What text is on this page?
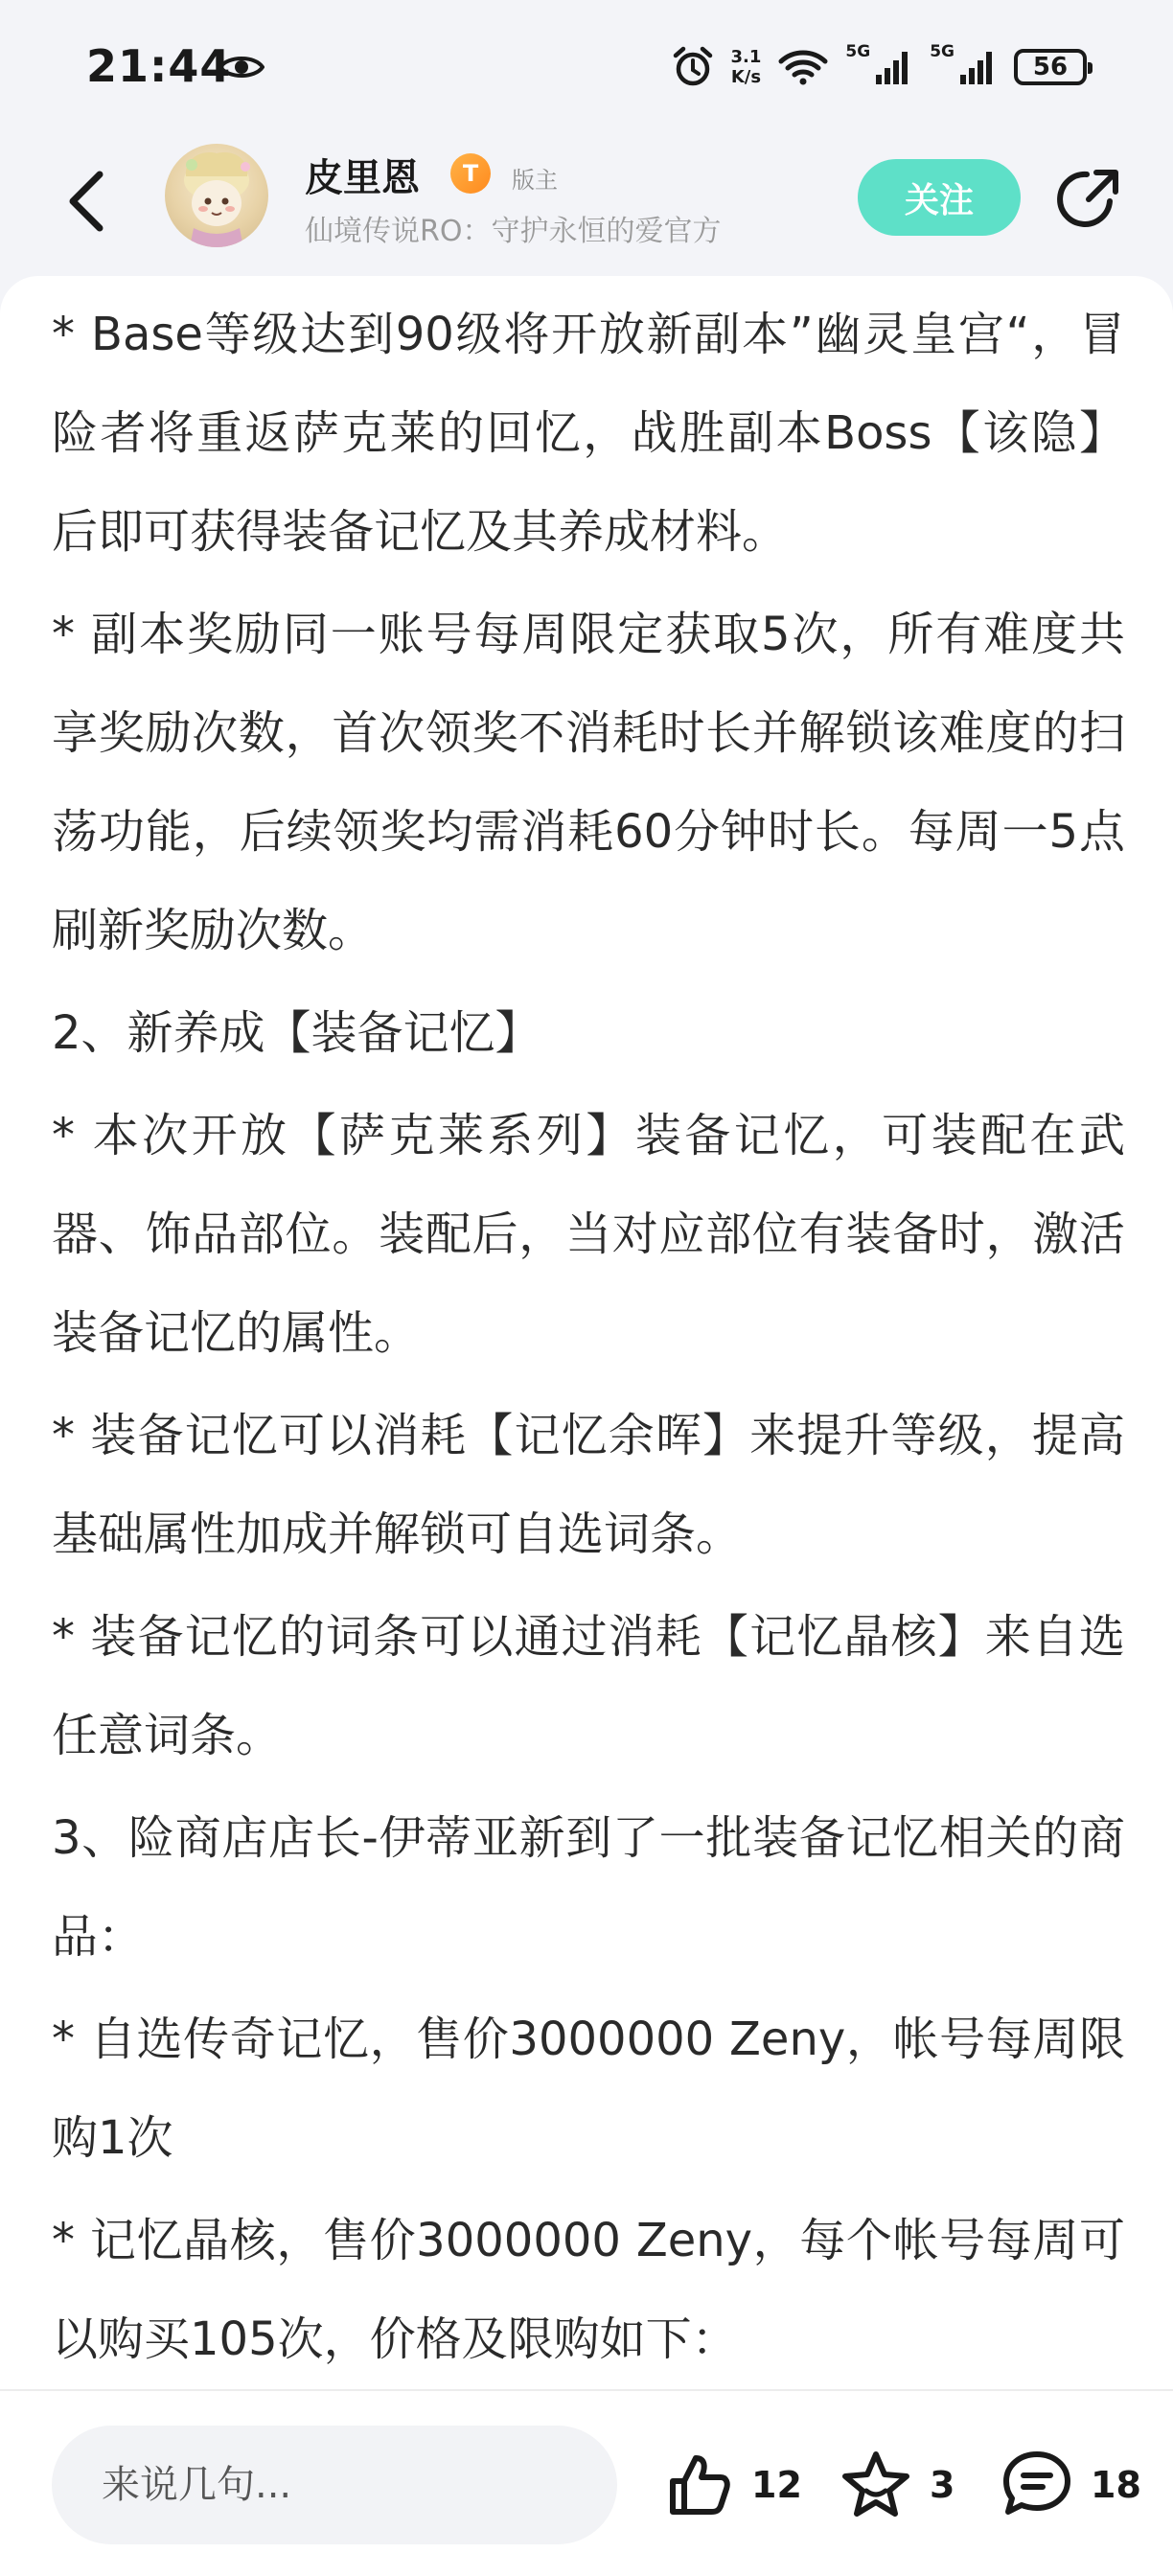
21:44	3.1
K/s
5G	5G
56
皮里恩	T	版主
仙境传说RO：守护永恒的爱官方
关注

* Base等级达到90级将开放新副本”幽灵皇宫“，冒险者将重返萨克莱的回忆，战胜副本Boss【该隐】后即可获得装备记忆及其养成材料。

* 副本奖励同一账号每周限定获取5次，所有难度共享奖励次数，首次领奖不消耗时长并解锁该难度的扫荡功能，后续领奖均需消耗60分钟时长。每周一5点刷新奖励次数。

2、新养成【装备记忆】

* 本次开放【萨克莱系列】装备记忆，可装配在武器、饰品部位。装配后，当对应部位有装备时，激活装备记忆的属性。

* 装备记忆可以消耗【记忆余晖】来提升等级，提高基础属性加成并解锁可自选词条。

* 装备记忆的词条可以通过消耗【记忆晶核】来自选任意词条。

3、险商店店长-伊蒂亚新到了一批装备记忆相关的商品：

* 自选传奇记忆，售价3000000 Zeny，帐号每周限购1次

* 记忆晶核，售价3000000 Zeny，每个帐号每周可以购买105次，价格及限购如下：

来说几句...
12	3	18
